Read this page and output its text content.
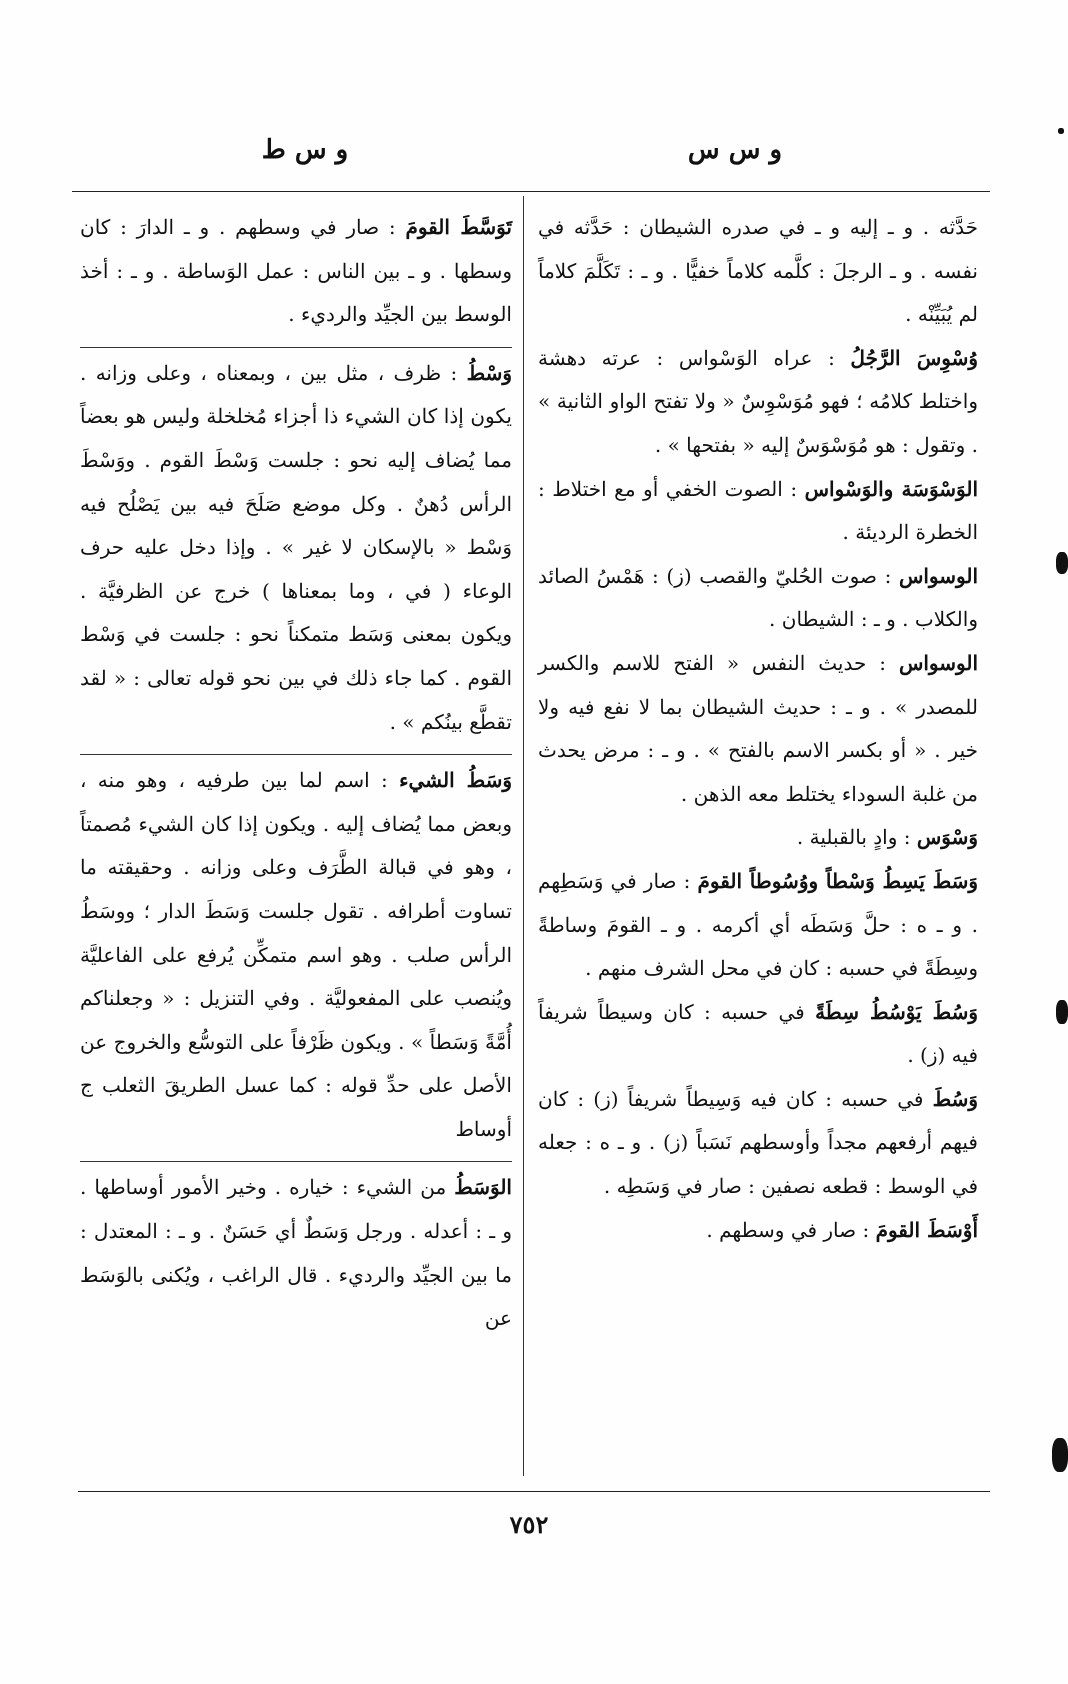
و س س
و س ط

حَدَّثه . و ـ إليه و ـ في صدره الشيطان : حَدَّثه في نفسه . و ـ الرجلَ : كلَّمه كلاماً خفيًّا . و ـ : تَكَلَّمَ كلاماً لم يُبَيِّنْه .

وُسْوِسَ الرَّجُلُ : عراه الوَسْواس : عرته دهشة واختلط كلامُه ؛ فهو مُوَسْوِسٌ « ولا تفتح الواو الثانية » . وتقول : هو مُوَسْوَسٌ إليه « بفتحها » .

الوَسْوَسَة والوَسْواس : الصوت الخفي أو مع اختلاط : الخطرة الرديئة .

الوسواس : صوت الحُليّ والقصب (ز) : هَمْسُ الصائد والكلاب . و ـ : الشيطان .

الوسواس : حديث النفس « الفتح للاسم والكسر للمصدر » . و ـ : حديث الشيطان بما لا نفع فيه ولا خير . « أو بكسر الاسم بالفتح » . و ـ : مرض يحدث من غلبة السوداء يختلط معه الذهن .

وَسْوَس : وادٍ بالقبلية .

وَسَطَ يَسِطُ وَسْطاً ووُسُوطاً القومَ : صار في وَسَطِهم . و ـ ه : حلَّ وَسَطَه أي أكرمه . و ـ القومَ وساطةً وسِطَةً في حسبه : كان في محل الشرف منهم .

وَسُطَ يَوْسُطُ سِطَةً في حسبه : كان وسيطاً شريفاً فيه (ز) .

وَسُطَ في حسبه : كان فيه وَسِيطاً شريفاً (ز) : كان فيهم أرفعهم مجداً وأوسطهم نَسَباً (ز) . و ـ ه : جعله في الوسط : قطعه نصفين : صار في وَسَطِه .

أَوْسَطَ القومَ : صار في وسطهم .

تَوَسَّطَ القومَ : صار في وسطهم . و ـ الدارَ : كان وسطها . و ـ بين الناس : عمل الوَساطة . و ـ : أخذ الوسط بين الجيِّد والرديء .

وَسْطُ : ظرف ، مثل بين ، وبمعناه ، وعلى وزانه . يكون إذا كان الشيء ذا أجزاء مُخلخلة وليس هو بعضاً مما يُضاف إليه نحو : جلست وَسْطَ القوم . ووَسْطَ الرأس دُهنٌ . وكل موضع صَلَحَ فيه بين يَصْلُح فيه وَسْط « بالإسكان لا غير » . وإذا دخل عليه حرف الوعاء ( في ، وما بمعناها ) خرج عن الظرفيَّة . ويكون بمعنى وَسَط متمكناً نحو : جلست في وَسْط القوم . كما جاء ذلك في بين نحو قوله تعالى : « لقد تقطَّع بينُكم » .

وَسَطُ الشيء : اسم لما بين طرفيه ، وهو منه ، وبعض مما يُضاف إليه . ويكون إذا كان الشيء مُصمتاً ، وهو في قبالة الطَّرَف وعلى وزانه . وحقيقته ما تساوت أطرافه . تقول جلست وَسَطَ الدار ؛ ووسَطُ الرأس صلب . وهو اسم متمكِّن يُرفع على الفاعليَّة ويُنصب على المفعوليَّة . وفي التنزيل : « وجعلناكم أُمَّةً وَسَطاً » . ويكون ظَرْفاً على التوسُّع والخروج عن الأصل على حدِّ قوله : كما عسل الطريقَ الثعلب ج أوساط

الوَسَطُ من الشيء : خياره . وخير الأمور أوساطها . و ـ : أعدله . ورجل وَسَطٌ أي حَسَنٌ . و ـ : المعتدل : ما بين الجيِّد والرديء . قال الراغب ، ويُكنى بالوَسَط عن

٧٥٢
